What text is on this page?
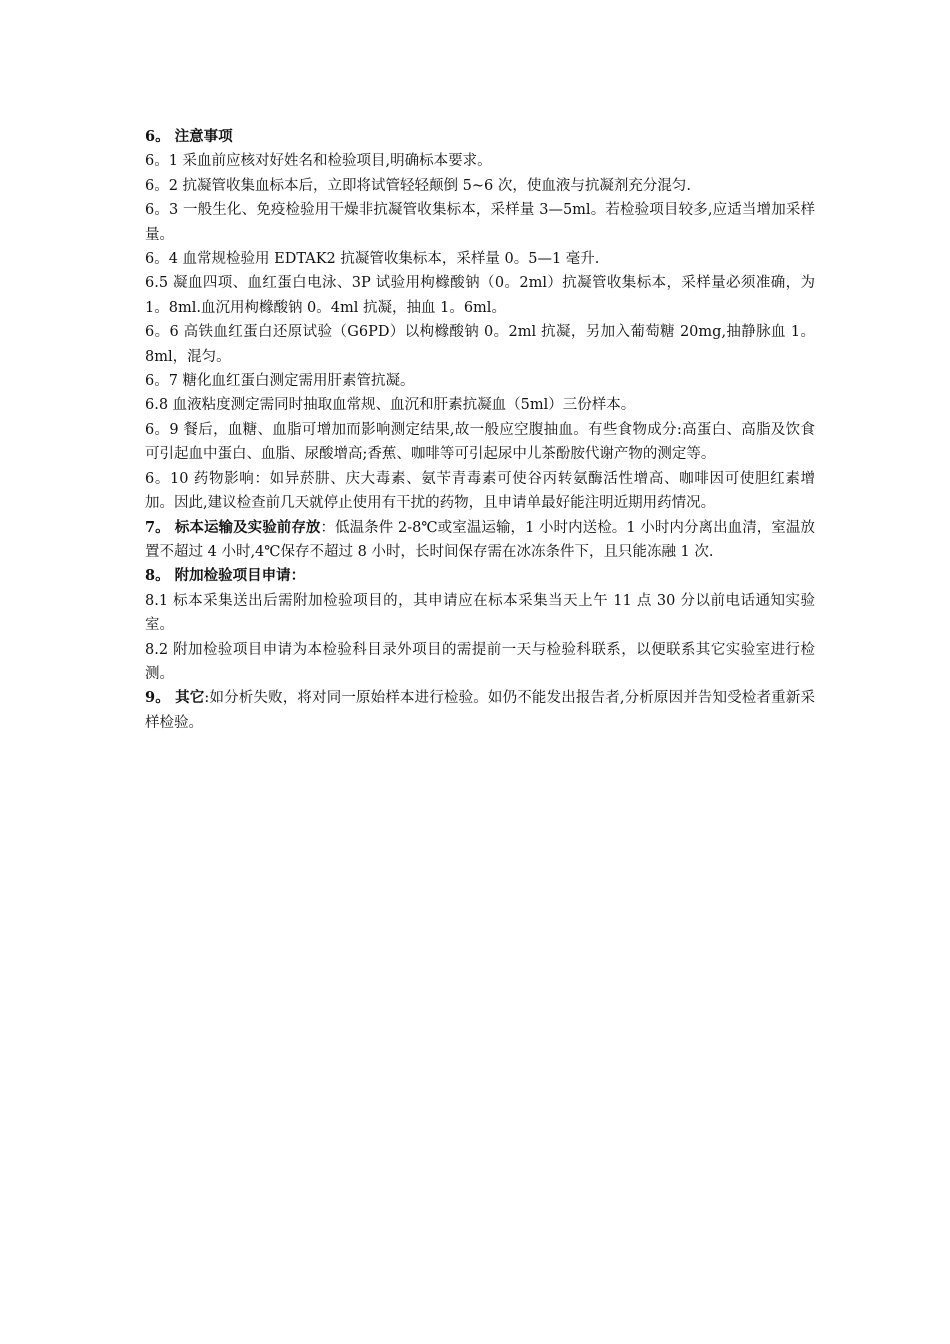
6。 注意事项

6。1 采血前应核对好姓名和检验项目,明确标本要求。

6。2 抗凝管收集血标本后，立即将试管轻轻颠倒 5~6 次，使血液与抗凝剂充分混匀.

6。3 一般生化、免疫检验用干燥非抗凝管收集标本，采样量 3—5ml。若检验项目较多,应适当增加采样量。

6。4 血常规检验用 EDTAK2 抗凝管收集标本，采样量 0。5—1 毫升.

6.5 凝血四项、血红蛋白电泳、3P 试验用枸橼酸钠（0。2ml）抗凝管收集标本，采样量必须准确，为 1。8ml.血沉用枸橼酸钠 0。4ml 抗凝，抽血 1。6ml。

6。6 高铁血红蛋白还原试验（G6PD）以枸橼酸钠 0。2ml 抗凝，另加入葡萄糖 20mg,抽静脉血 1。8ml，混匀。

6。7 糖化血红蛋白测定需用肝素管抗凝。

6.8 血液粘度测定需同时抽取血常规、血沉和肝素抗凝血（5ml）三份样本。

6。9 餐后，血糖、血脂可增加而影响测定结果,故一般应空腹抽血。有些食物成分:高蛋白、高脂及饮食可引起血中蛋白、血脂、尿酸增高;香蕉、咖啡等可引起尿中儿茶酚胺代谢产物的测定等。

6。10 药物影响：如异菸肼、庆大毒素、氨苄青毒素可使谷丙转氨酶活性增高、咖啡因可使胆红素增加。因此,建议检查前几天就停止使用有干扰的药物，且申请单最好能注明近期用药情况。

7。 标本运输及实验前存放：低温条件 2-8℃或室温运输，1 小时内送检。1 小时内分离出血清，室温放置不超过 4 小时,4℃保存不超过 8 小时，长时间保存需在冰冻条件下，且只能冻融 1 次.

8。 附加检验项目申请：

8.1 标本采集送出后需附加检验项目的，其申请应在标本采集当天上午 11 点 30 分以前电话通知实验室。

8.2 附加检验项目申请为本检验科目录外项目的需提前一天与检验科联系，以便联系其它实验室进行检测。

9。 其它:如分析失败，将对同一原始样本进行检验。如仍不能发出报告者,分析原因并告知受检者重新采样检验。
